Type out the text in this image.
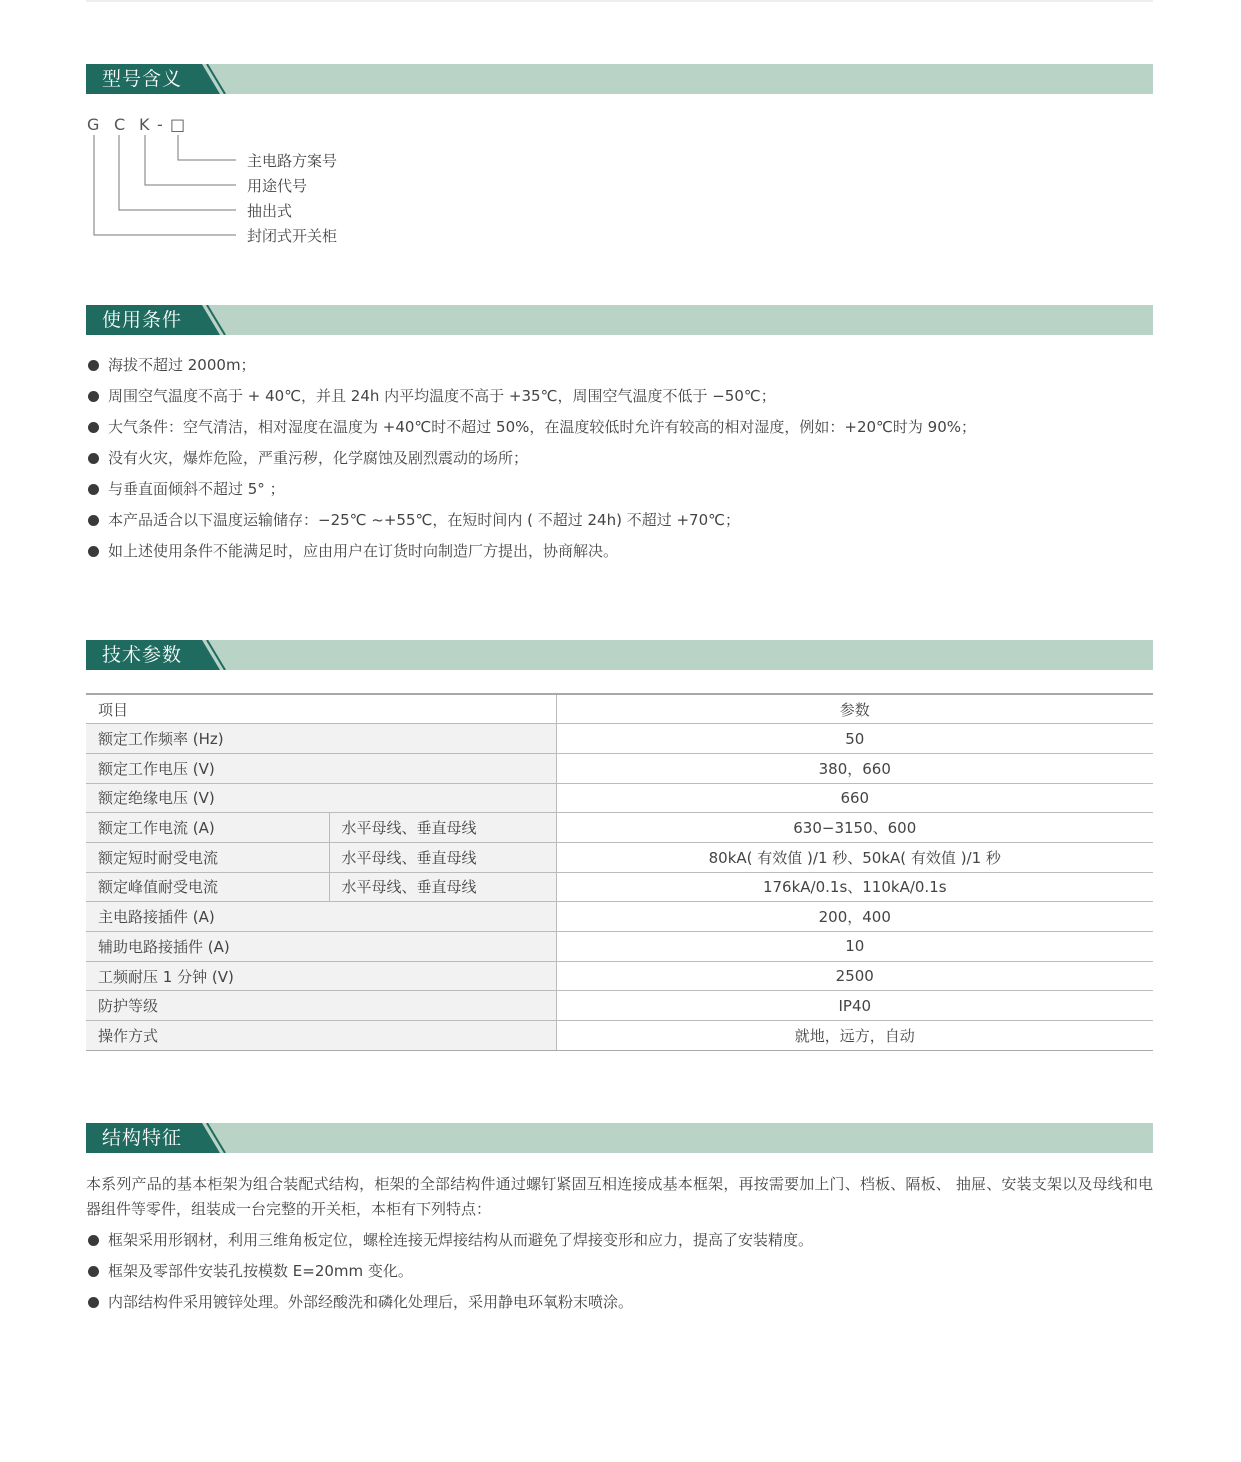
型号含义
G C K - □
主电路方案号
用途代号
抽出式
封闭式开关柜
使用条件
海拔不超过 2000m；
周围空气温度不高于 + 40℃，并且 24h 内平均温度不高于 +35℃，周围空气温度不低于 −50℃；
大气条件：空气清洁，相对湿度在温度为 +40℃时不超过 50%，在温度较低时允许有较高的相对湿度，例如：+20℃时为 90%；
没有火灾，爆炸危险，严重污秽，化学腐蚀及剧烈震动的场所；
与垂直面倾斜不超过 5° ；
本产品适合以下温度运输储存：−25℃ ~+55℃，在短时间内 ( 不超过 24h) 不超过 +70℃；
如上述使用条件不能满足时，应由用户在订货时向制造厂方提出，协商解决。
技术参数
项目		参数
额定工作频率 (Hz)		50
额定工作电压 (V)		380，660
额定绝缘电压 (V)		660
额定工作电流 (A)	水平母线、垂直母线	630−3150、600
额定短时耐受电流	水平母线、垂直母线	80kA( 有效值 )/1 秒、50kA( 有效值 )/1 秒
额定峰值耐受电流	水平母线、垂直母线	176kA/0.1s、110kA/0.1s
主电路接插件 (A)		200，400
辅助电路接插件 (A)		10
工频耐压 1 分钟 (V)		2500
防护等级		IP40
操作方式		就地，远方，自动
结构特征

本系列产品的基本柜架为组合装配式结构，柜架的全部结构件通过螺钉紧固互相连接成基本框架，再按需要加上门、档板、隔板、 抽屉、安装支架以及母线和电器组件等零件，组装成一台完整的开关柜，本柜有下列特点：

框架采用形钢材，利用三维角板定位，螺栓连接无焊接结构从而避免了焊接变形和应力，提高了安装精度。
框架及零部件安装孔按模数 E=20mm 变化。
内部结构件采用镀锌处理。外部经酸洗和磷化处理后，采用静电环氧粉末喷涂。
